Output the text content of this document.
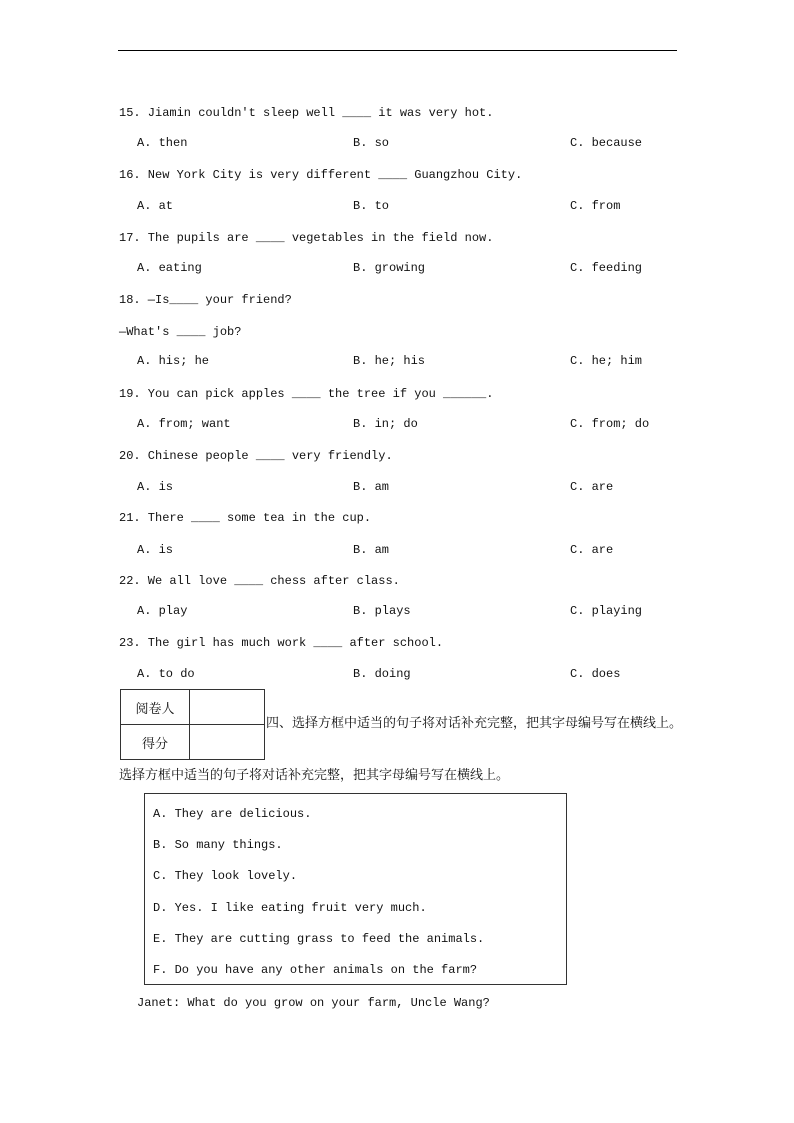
15. Jiamin couldn't sleep well ____ it was very hot.
A. then	B. so	C. because
16. New York City is very different ____ Guangzhou City.
A. at	B. to	C. from
17. The pupils are ____ vegetables in the field now.
A. eating	B. growing	C. feeding
18. —Is____ your friend?
—What's ____ job?
A. his; he	B. he; his	C. he; him
19. You can pick apples ____ the tree if you ______.
A. from; want	B. in; do	C. from; do
20. Chinese people ____ very friendly.
A. is	B. am	C. are
21. There ____ some tea in the cup.
A. is	B. am	C. are
22. We all love ____ chess after class.
A. play	B. plays	C. playing
23. The girl has much work ____ after school.
A. to do	B. doing	C. does
阅卷人	
得分	
四、选择方框中适当的句子将对话补充完整，把其字母编号写在横线上。
选择方框中适当的句子将对话补充完整，把其字母编号写在横线上。
A. They are delicious.
B. So many things.
C. They look lovely.
D. Yes. I like eating fruit very much.
E. They are cutting grass to feed the animals.
F. Do you have any other animals on the farm?
Janet: What do you grow on your farm, Uncle Wang?
